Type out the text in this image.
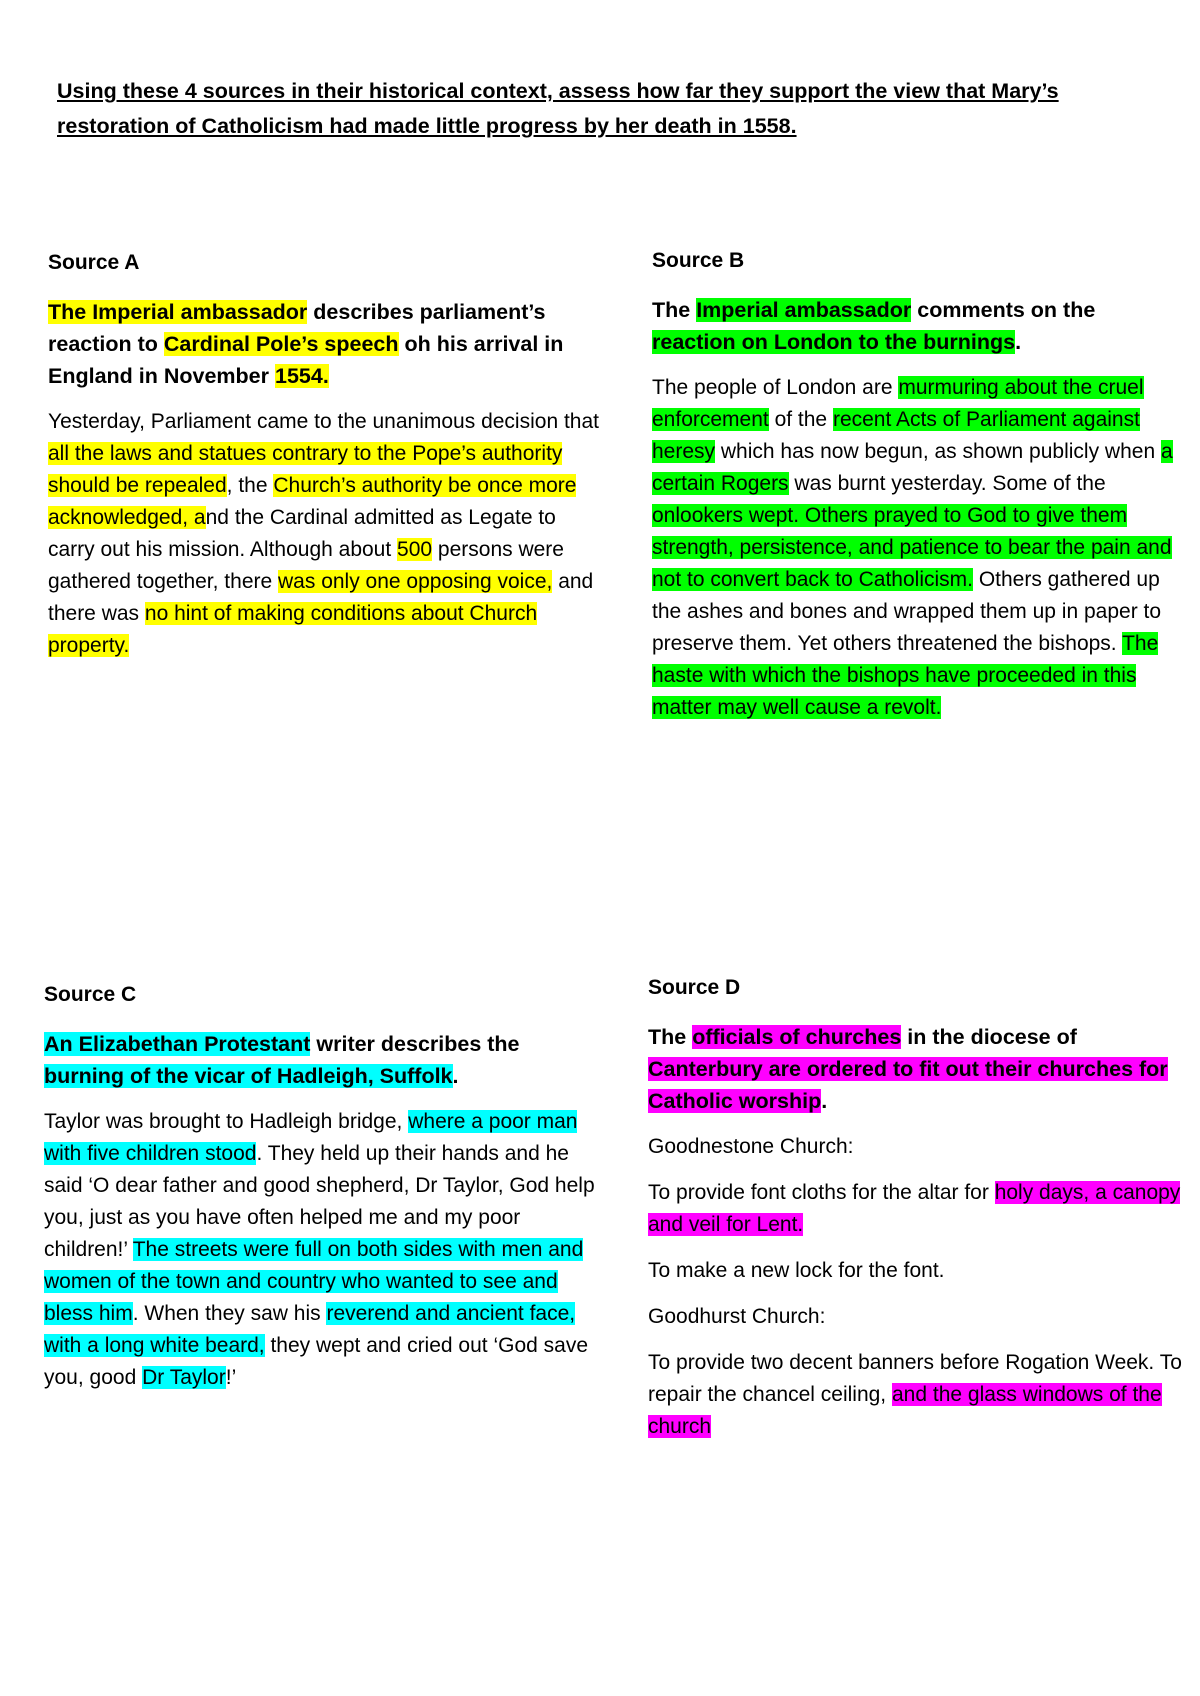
Using these 4 sources in their historical context, assess how far they support the view that Mary’s restoration of Catholicism had made little progress by her death in 1558.

Source A

The Imperial ambassador describes parliament’s reaction to Cardinal Pole’s speech oh his arrival in England in November 1554.

Yesterday, Parliament came to the unanimous decision that all the laws and statues contrary to the Pope’s authority should be repealed, the Church’s authority be once more acknowledged, and the Cardinal admitted as Legate to carry out his mission. Although about 500 persons were gathered together, there was only one opposing voice, and there was no hint of making conditions about Church property.

Source B

The Imperial ambassador comments on the reaction on London to the burnings.

The people of London are murmuring about the cruel enforcement of the recent Acts of Parliament against heresy which has now begun, as shown publicly when a certain Rogers was burnt yesterday. Some of the onlookers wept. Others prayed to God to give them strength, persistence, and patience to bear the pain and not to convert back to Catholicism. Others gathered up the ashes and bones and wrapped them up in paper to preserve them. Yet others threatened the bishops. The haste with which the bishops have proceeded in this matter may well cause a revolt.

Source C

An Elizabethan Protestant writer describes the burning of the vicar of Hadleigh, Suffolk.

Taylor was brought to Hadleigh bridge, where a poor man with five children stood. They held up their hands and he said ‘O dear father and good shepherd, Dr Taylor, God help you, just as you have often helped me and my poor children!’ The streets were full on both sides with men and women of the town and country who wanted to see and bless him. When they saw his reverend and ancient face, with a long white beard, they wept and cried out ‘God save you, good Dr Taylor!’

Source D

The officials of churches in the diocese of Canterbury are ordered to fit out their churches for Catholic worship.

Goodnestone Church:

To provide font cloths for the altar for holy days, a canopy and veil for Lent.

To make a new lock for the font.

Goodhurst Church:

To provide two decent banners before Rogation Week. To repair the chancel ceiling, and the glass windows of the church
